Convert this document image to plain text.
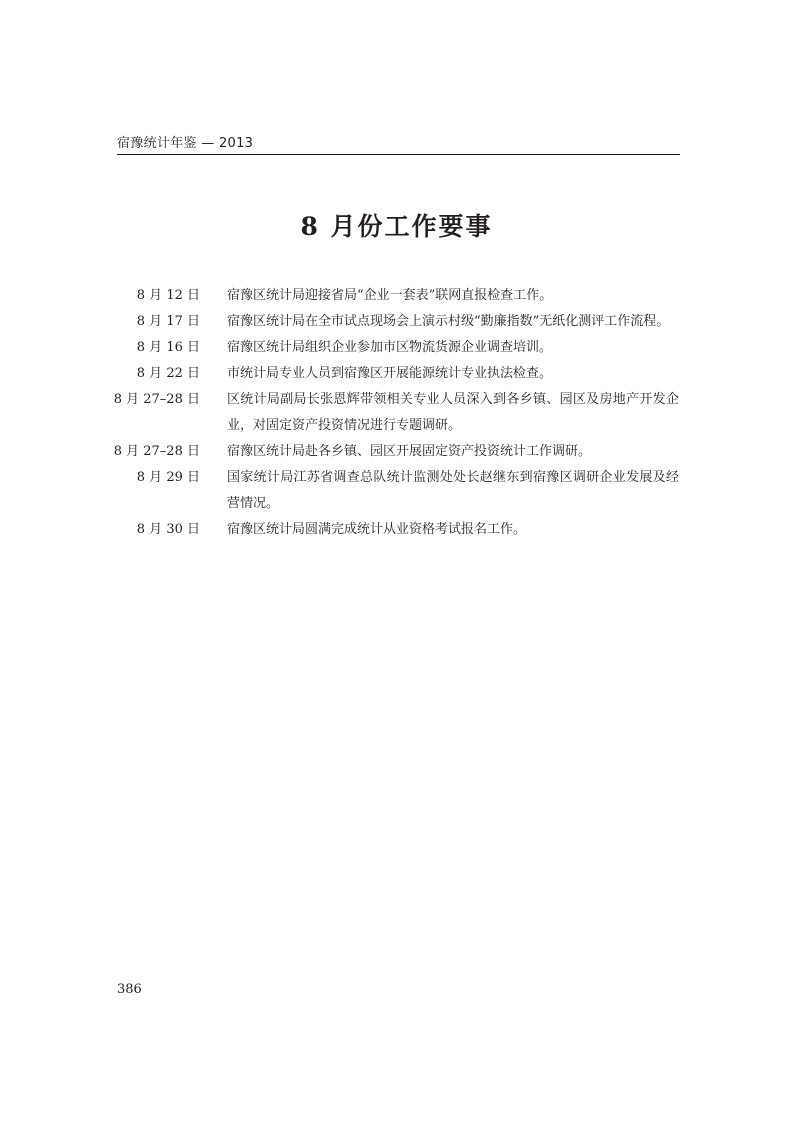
宿豫统计年鉴 — 2013
8 月份工作要事
8 月 12 日 宿豫区统计局迎接省局“企业一套表”联网直报检查工作。
8 月 17 日 宿豫区统计局在全市试点现场会上演示村级“勤廉指数”无纸化测评工作流程。
8 月 16 日 宿豫区统计局组织企业参加市区物流货源企业调查培训。
8 月 22 日 市统计局专业人员到宿豫区开展能源统计专业执法检查。
8 月 27–28 日 区统计局副局长张恩辉带领相关专业人员深入到各乡镇、园区及房地产开发企业，对固定资产投资情况进行专题调研。
8 月 27–28 日 宿豫区统计局赴各乡镇、园区开展固定资产投资统计工作调研。
8 月 29 日 国家统计局江苏省调查总队统计监测处处长赵继东到宿豫区调研企业发展及经营情况。
8 月 30 日 宿豫区统计局圆满完成统计从业资格考试报名工作。
386
